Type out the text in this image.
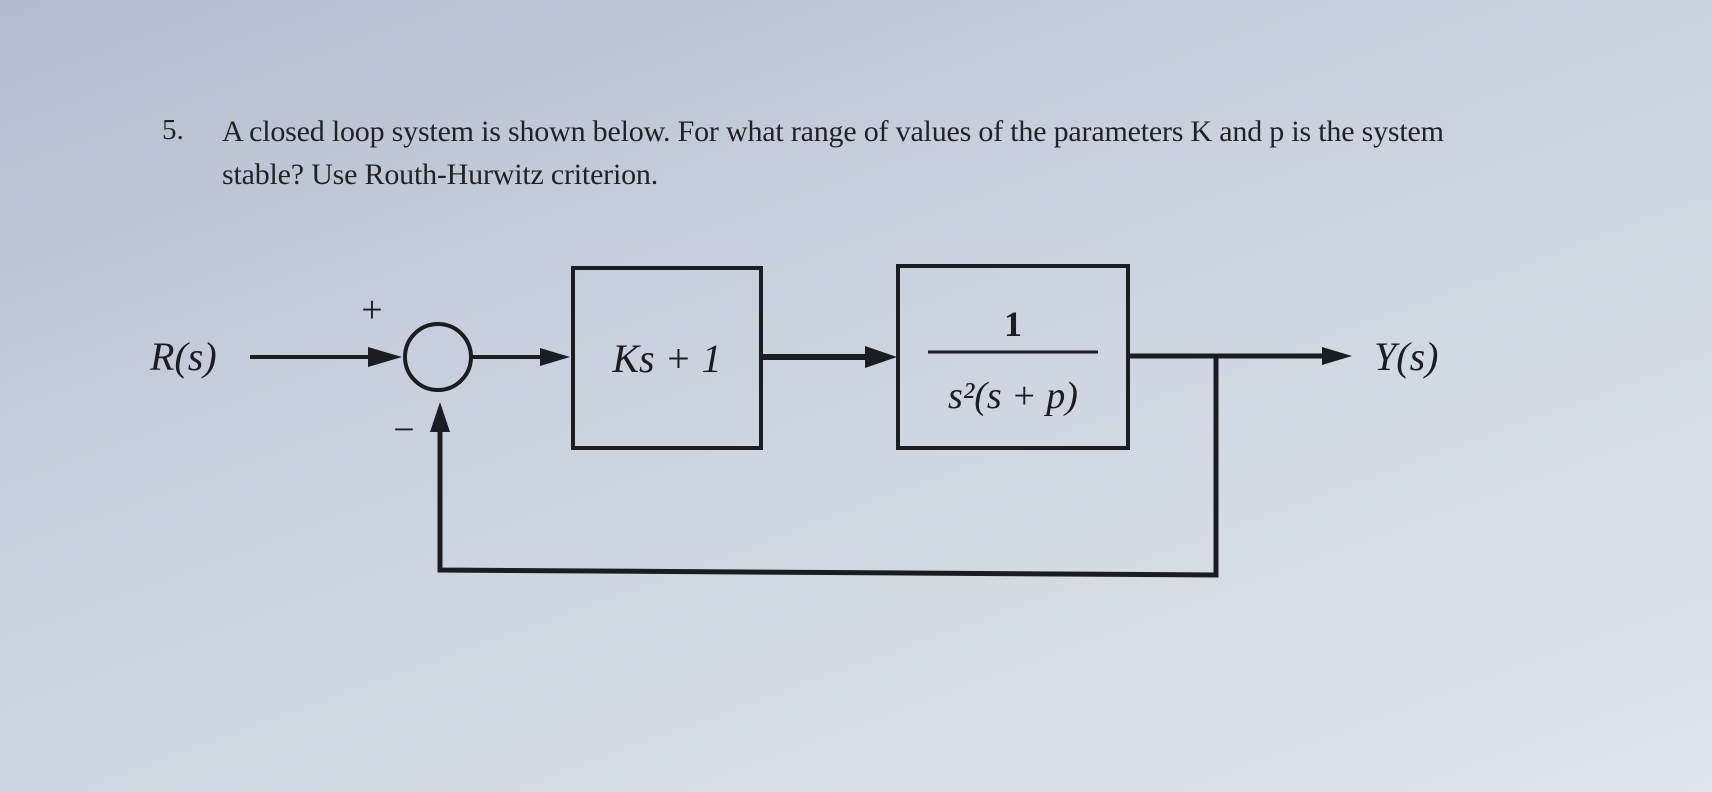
5. A closed loop system is shown below. For what range of values of the parameters K and p is the system stable? Use Routh-Hurwitz criterion.
+
−
R(s)	Ks + 1
1
s²(s + p)
Y(s)
